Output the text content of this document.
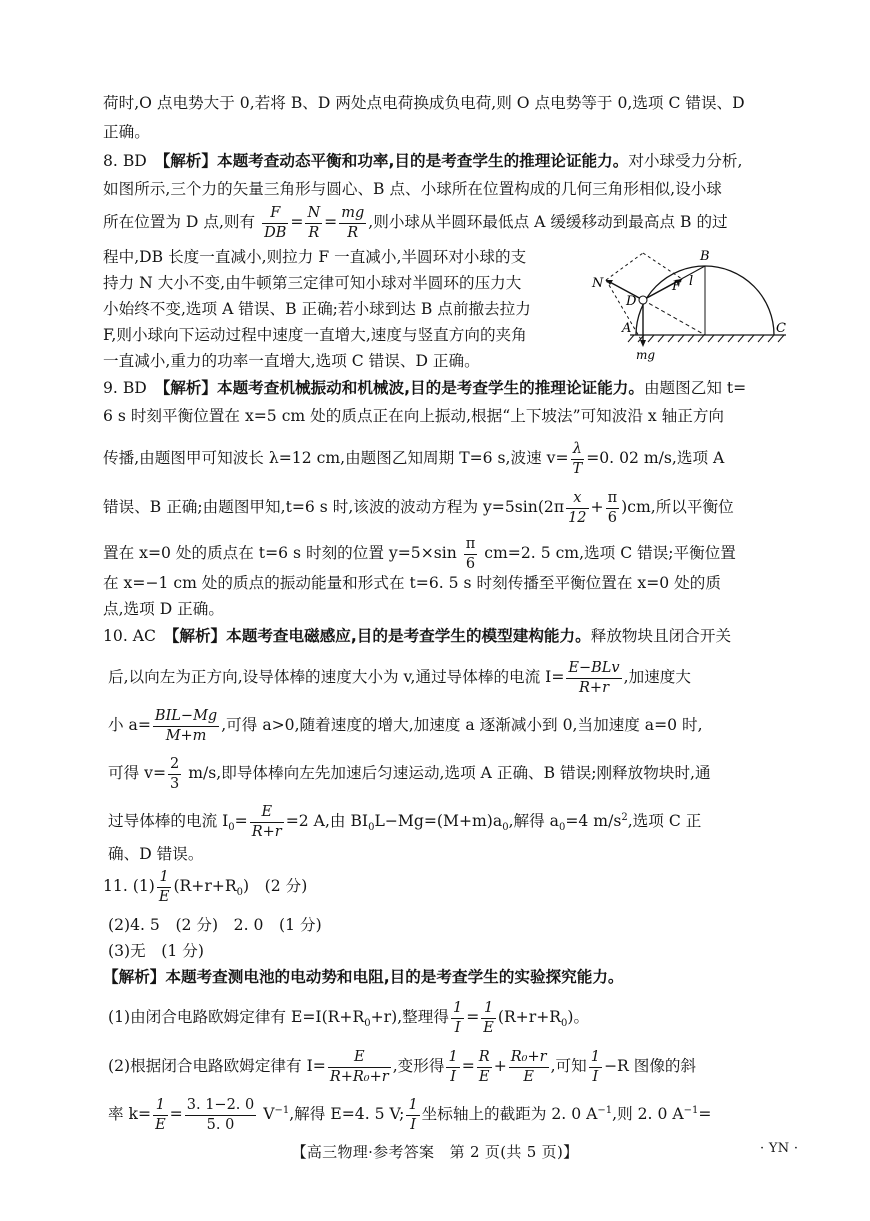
荷时,O 点电势大于 0,若将 B、D 两处点电荷换成负电荷,则 O 点电势等于 0,选项 C 错误、D
正确。
8. BD　 【解析】本题考查动态平衡和功率,目的是考查学生的推理论证能力。对小球受力分析,
如图所示,三个力的矢量三角形与圆心、B 点、小球所在位置构成的几何三角形相似,设小球
所在位置为 D 点,则有 $\frac{F}{DB} = \frac{N}{R} = \frac{mg}{R}$ ,则小球从半圆环最低点 A 缓缓移动到最高点 B 的过
程中,DB 长度一直减小,则拉力 F 一直减小,半圆环对小球的支
持力 N 大小不变,由牛顿第三定律可知小球对半圆环的压力大
小始终不变,选项 A 错误、B 正确;若小球到达 B 点前撤去拉力
F,则小球向下运动过程中速度一直增大,速度与竖直方向的夹角
一直减小,重力的功率一直增大,选项 C 错误、D 正确。
B
N
D
F l
A	C
mg
9. BD　 【解析】本题考查机械振动和机械波,目的是考查学生的推理论证能力。由题图乙知 t=
6 s 时刻平衡位置在 x=5 cm 处的质点正在向上振动,根据“上下坡法”可知波沿 x 轴正方向
传播,由题图甲可知波长 λ=12 cm,由题图乙知周期 T=6 s,波速 $v= \frac{\lambda}{T} =0$. 02 m/s,选项 A
错误、B 正确;由题图甲知,t=6 s 时,该波的波动方程为 $y=5\sin(2\pi \frac{x}{12} + \frac{\pi}{6} )cm$,所以平衡位
置在 x=0 处的质点在 t=6 s 时刻的位置 $y=5\times\sin \frac{\pi}{6} cm=2$. 5 cm,选项 C 错误;平衡位置
在 x=−1 cm 处的质点的振动能量和形式在 t=6. 5 s 时刻传播至平衡位置在 x=0 处的质
点,选项 D 正确。
10. AC　 【解析】本题考查电磁感应,目的是考查学生的模型建构能力。释放物块且闭合开关
后,以向左为正方向,设导体棒的速度大小为 v,通过导体棒的电流 $I= \frac{\text{E−BLv}}{R+r}$ ,加速度大
小 $a= \frac{\text{BIL−Mg}}{M+m}$ ,可得 a>0,随着速度的增大,加速度 a 逐渐减小到 0,当加速度 a=0 时,
可得 $v= \frac{2}{3} m/s$,即导体棒向左先加速后匀速运动,选项 A 正确、B 错误;刚释放物块时,通
过导体棒的电流 $I_0= \frac{E}{R+r} =2$ A,由 $BI_0L-Mg=(M+m)a_0$,解得 $a_0=4$ $m/s^2$,选项 C 正
确、D 错误。
11. $(1) \frac{1}{E} (R+r+R_0)$　(2 分)
(2)4. 5　(2 分)　2. 0　(1 分)
(3)无　(1 分)
【解析】本题考查测电池的电动势和电阻,目的是考查学生的实验探究能力。
(1)由闭合电路欧姆定律有 $E=I(R+R_0+r)$,整理得 $\frac{1}{I} = \frac{1}{E} (R+r+R_0)$。
(2)根据闭合电路欧姆定律有 $I= \frac{E}{\text{R+R₀+r}}$ ,变形得 $\frac{1}{I} = \frac{R}{E} + \frac{\text{R₀+r}}{E}$ ,可知 $\frac{1}{I} -R$ 图像的斜
率 $k= \frac{1}{E} = \frac{3. 1-2. 0}{5. 0} V^{-1}$,解得 E=4. 5 V; $\frac{1}{I}$ 坐标轴上的截距为 2. 0 $A^{-1}$,则 2. 0 $A^{-1}=$
【高三物理·参考答案　第 2 页(共 5 页)】	· YN ·
